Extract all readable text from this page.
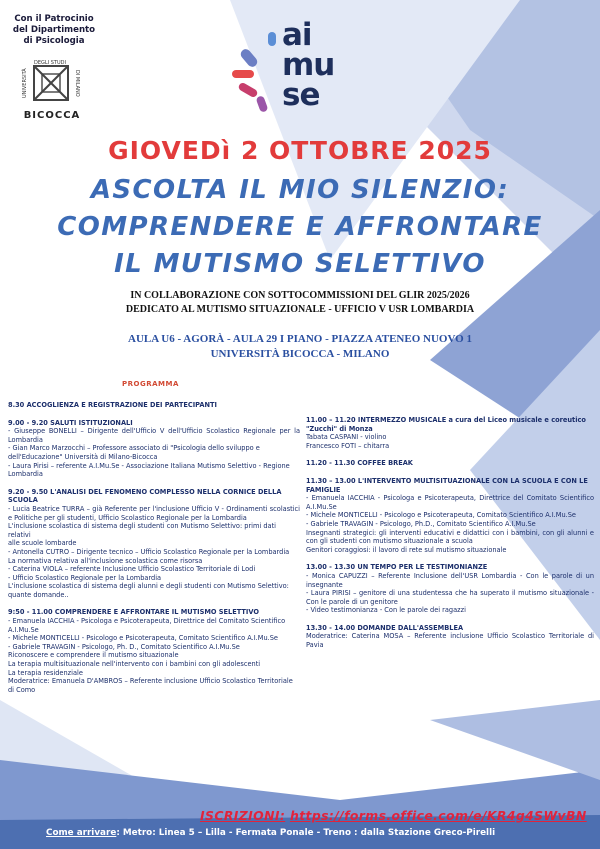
Con il Patrocinio
del Dipartimento
di Psicologia
UNIVERSITÀ
DEGLI STUDI
DI MILANO
BICOCCA
ai
mu
se
GIOVEDì 2 OTTOBRE 2025
ASCOLTA IL MIO SILENZIO:
COMPRENDERE E AFFRONTARE
IL MUTISMO SELETTIVO
IN COLLABORAZIONE CON SOTTOCOMMISSIONI DEL GLIR 2025/2026
DEDICATO AL MUTISMO SITUAZIONALE - UFFICIO V USR LOMBARDIA
AULA U6 - AGORÀ - AULA 29 I PIANO - PIAZZA ATENEO NUOVO 1
UNIVERSITÀ BICOCCA - MILANO
PROGRAMMA

8.30 ACCOGLIENZA E REGISTRAZIONE DEI PARTECIPANTI

9.00 - 9.20 SALUTI ISTITUZIONALI

- Giuseppe BONELLI – Dirigente dell'Ufficio V dell'Ufficio Scolastico Regionale per la Lombardia

- Gian Marco Marzocchi – Professore associato di "Psicologia dello sviluppo e dell'Educazione" Università di Milano-Bicocca

- Laura Pirisi – referente A.I.Mu.Se - Associazione Italiana Mutismo Selettivo - Regione Lombardia

9.20 - 9.50 L'ANALISI DEL FENOMENO COMPLESSO NELLA CORNICE DELLA SCUOLA

- Lucia Beatrice TURRA – già Referente per l'inclusione Ufficio V - Ordinamenti scolastici e Politiche per gli studenti, Ufficio Scolastico Regionale per la Lombardia

L'inclusione scolastica di sistema degli studenti con Mutismo Selettivo: primi dati relativi

alle scuole lombarde

- Antonella CUTRO – Dirigente tecnico – Ufficio Scolastico Regionale per la Lombardia

La normativa relativa all'inclusione scolastica come risorsa

- Caterina VIOLA – referente Inclusione Ufficio Scolastico Territoriale di Lodi

- Ufficio Scolastico Regionale per la Lombardia

L'inclusione scolastica di sistema degli alunni e degli studenti con Mutismo Selettivo: quante domande..

9:50 - 11.00 COMPRENDERE E AFFRONTARE IL MUTISMO SELETTIVO

- Emanuela IACCHIA - Psicologa e Psicoterapeuta, Direttrice del Comitato Scientifico

A.I.Mu.Se

- Michele MONTICELLI - Psicologo e Psicoterapeuta, Comitato Scientifico A.I.Mu.Se

- Gabriele TRAVAGIN - Psicologo, Ph. D., Comitato Scientifico A.I.Mu.Se

Riconoscere e comprendere il mutismo situazionale

La terapia multisituazionale nell'intervento con i bambini con gli adolescenti

La terapia residenziale

Moderatrice: Emanuela D'AMBROS – Referente inclusione Ufficio Scolastico Territoriale di Como

11.00 – 11.20 INTERMEZZO MUSICALE a cura del Liceo musicale e coreutico "Zucchi" di Monza

Tabata CASPANI - violino

Francesco FOTI – chitarra

11.20 - 11.30 COFFEE BREAK

11.30 – 13.00 L'INTERVENTO MULTISITUAZIONALE CON LA SCUOLA E CON LE FAMIGLIE

- Emanuela IACCHIA - Psicologa e Psicoterapeuta, Direttrice del Comitato Scientifico A.I.Mu.Se

- Michele MONTICELLI - Psicologo e Psicoterapeuta, Comitato Scientifico A.I.Mu.Se

- Gabriele TRAVAGIN - Psicologo, Ph.D., Comitato Scientifico A.I.Mu.Se

Insegnanti strategici: gli interventi educativi e didattici con i bambini, con gli alunni e con gli studenti con mutismo situazionale a scuola

Genitori coraggiosi: il lavoro di rete sul mutismo situazionale

13.00 - 13.30 UN TEMPO PER LE TESTIMONIANZE

- Monica CAPUZZI – Referente Inclusione dell'USR Lombardia - Con le parole di un insegnante

- Laura PIRISI – genitore di una studentessa che ha superato il mutismo situazionale - Con le parole di un genitore

- Video testimonianza - Con le parole dei ragazzi

13.30 - 14.00 DOMANDE DALL'ASSEMBLEA

Moderatrice: Caterina MOSA – Referente inclusione Ufficio Scolastico Territoriale di Pavia

ISCRIZIONI: https://forms.office.com/e/KR4g4SWvBN
Come arrivare: Metro: Linea 5 – Lilla - Fermata Ponale - Treno : dalla Stazione Greco-Pirelli
